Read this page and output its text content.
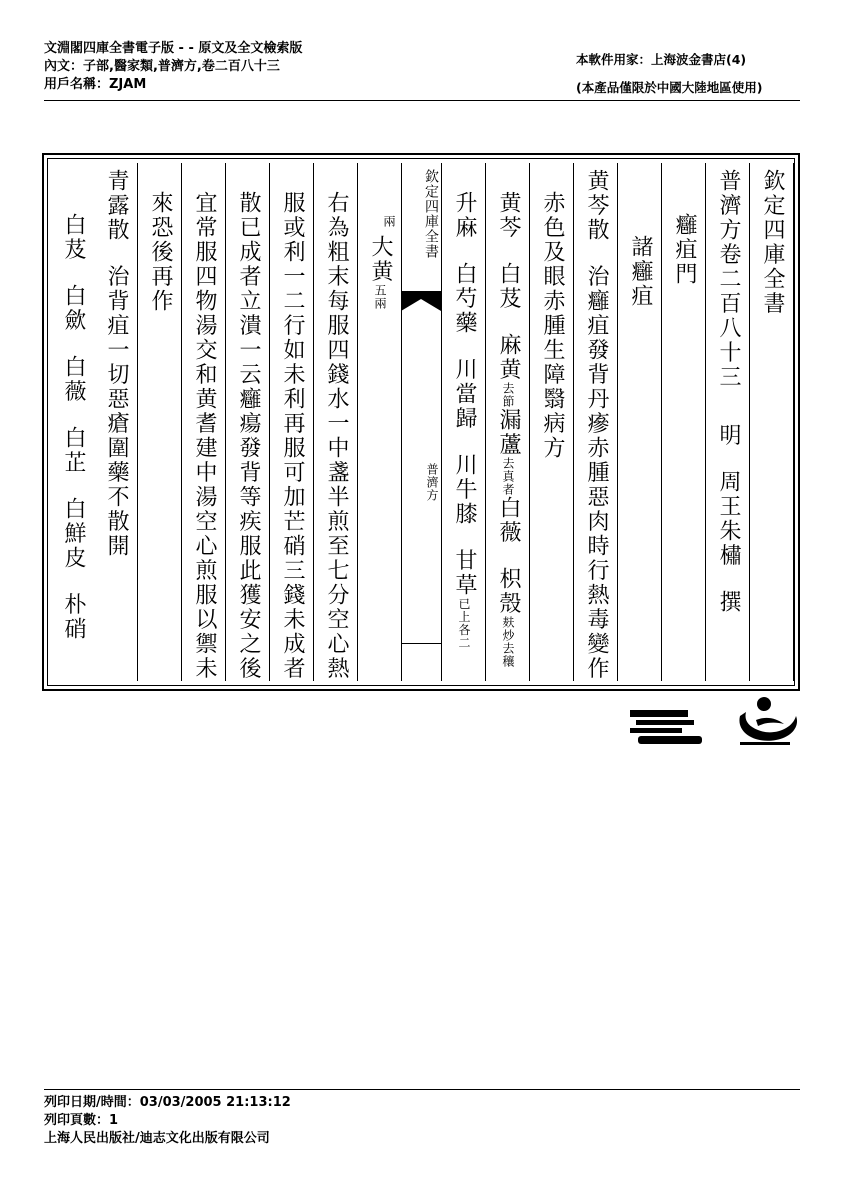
文淵閣四庫全書電子版 - - 原文及全文檢索版
內文：子部,醫家類,普濟方,卷二百八十三
用戶名稱：ZJAM
本軟件用家：上海波金書店(4)
(本產品僅限於中國大陸地區使用)
欽定四庫全書
普濟方卷二百八十三明周王朱橚撰
癰疽門
諸癰疽
黄芩散治癰疽發背丹瘮赤腫惡肉時行熱毒變作
赤色及眼赤腫生障翳病方
黄芩白芨麻黄去節漏蘆去真者白薇枳殼麸炒去穰
升麻白芍藥川當歸川牛膝甘草已上各二
欽定四庫全書
普濟方
兩
大黄五兩
右為粗末每服四錢水一中盞半煎至七分空心熱
服或利一二行如未利再服可加芒硝三錢未成者
散已成者立潰一云癰瘍發背等疾服此獲安之後
宜常服四物湯交和黄耆建中湯空心煎服以禦未
來恐後再作
青露散治背疽一切惡瘡圍藥不散開
白芨白歛白薇白芷白鮮皮朴硝
列印日期/時間：03/03/2005 21:13:12
列印頁數：1
上海人民出版社/迪志文化出版有限公司
